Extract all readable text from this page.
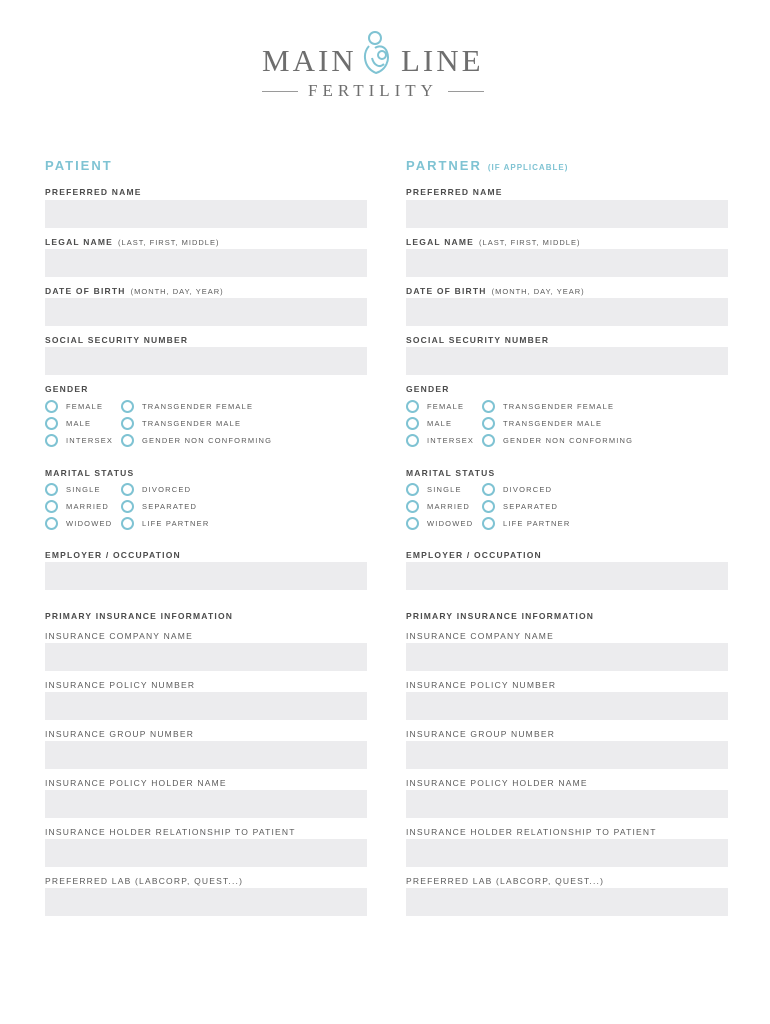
MAIN LINE
FERTILITY
PATIENT
PREFERRED NAME
LEGAL NAME (LAST, FIRST, MIDDLE)
DATE OF BIRTH (MONTH, DAY, YEAR)
SOCIAL SECURITY NUMBER
GENDER
FEMALE	TRANSGENDER FEMALE
MALE	TRANSGENDER MALE
INTERSEX	GENDER NON CONFORMING
MARITAL STATUS
SINGLE	DIVORCED
MARRIED	SEPARATED
WIDOWED	LIFE PARTNER
EMPLOYER / OCCUPATION
PRIMARY INSURANCE INFORMATION
INSURANCE COMPANY NAME
INSURANCE POLICY NUMBER
INSURANCE GROUP NUMBER
INSURANCE POLICY HOLDER NAME
INSURANCE HOLDER RELATIONSHIP TO PATIENT
PREFERRED LAB (LABCORP, QUEST...)
PARTNER (IF APPLICABLE)
PREFERRED NAME
LEGAL NAME (LAST, FIRST, MIDDLE)
DATE OF BIRTH (MONTH, DAY, YEAR)
SOCIAL SECURITY NUMBER
GENDER
FEMALE	TRANSGENDER FEMALE
MALE	TRANSGENDER MALE
INTERSEX	GENDER NON CONFORMING
MARITAL STATUS
SINGLE	DIVORCED
MARRIED	SEPARATED
WIDOWED	LIFE PARTNER
EMPLOYER / OCCUPATION
PRIMARY INSURANCE INFORMATION
INSURANCE COMPANY NAME
INSURANCE POLICY NUMBER
INSURANCE GROUP NUMBER
INSURANCE POLICY HOLDER NAME
INSURANCE HOLDER RELATIONSHIP TO PATIENT
PREFERRED LAB (LABCORP, QUEST...)
